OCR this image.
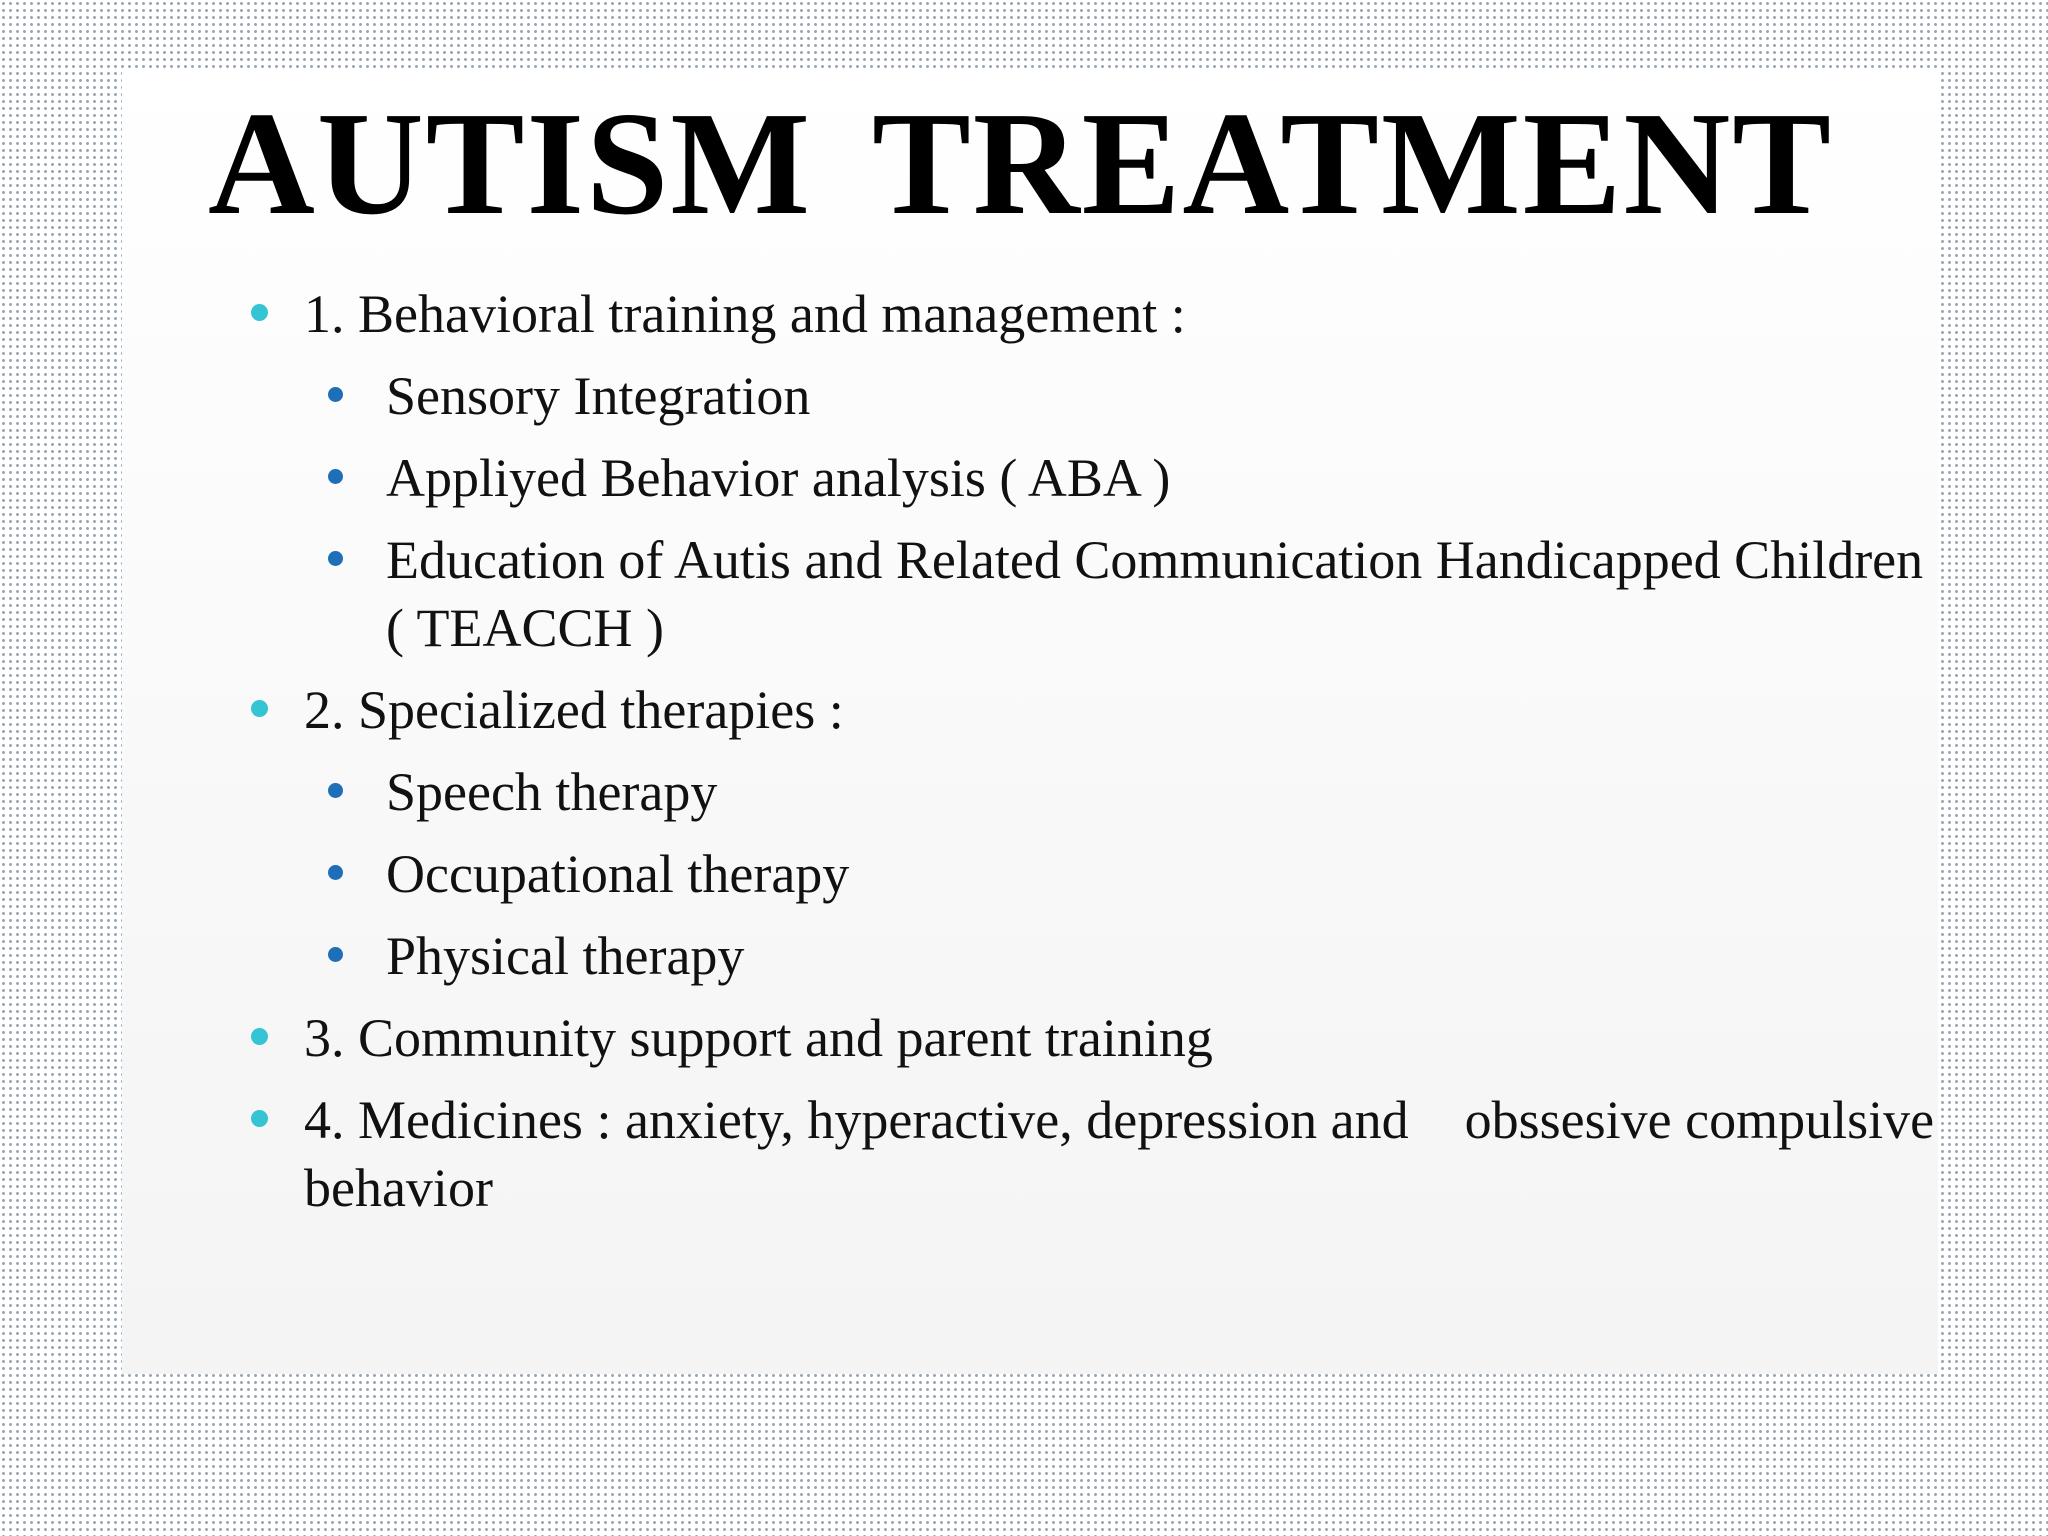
AUTISM TREATMENT
1. Behavioral training and management :
Sensory Integration
Appliyed Behavior analysis ( ABA )
Education of Autis and Related Communication Handicapped Children ( TEACCH )
2. Specialized therapies :
Speech therapy
Occupational therapy
Physical therapy
3. Community support and parent training
4. Medicines : anxiety, hyperactive, depression and obssesive compulsive behavior
